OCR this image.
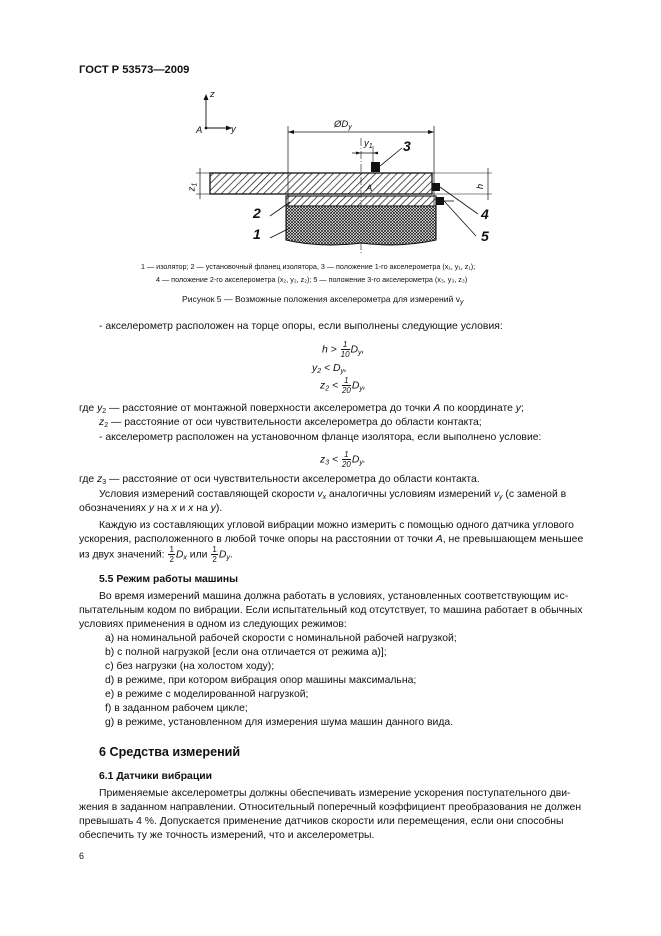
ГОСТ Р 53573—2009
z
y
A
$ØD_y$
$y_1$
$z_1$	h
A
1
2
3
4
5
1 — изолятор; 2 — установочный фланец изолятора, 3 — положение 1-го акселерометра (x₁, y₁, z₁);
4 — положение 2-го акселерометра (x₂, y₂, z₂); 5 — положение 3-го акселерометра (x₃, y₃, z₃)
Рисунок 5 — Возможные положения акселерометра для измерений $v_y$
- акселерометр расположен на торце опоры, если выполнены следующие условия:
$h > \frac{1}{10} D_y$,
$y_2 < D_y$,
$z_2 < \frac{1}{20} D_y$,
где $y_2$ — расстояние от монтажной поверхности акселерометра до точки A по координате y;
$z_2$ — расстояние от оси чувствительности акселерометра до области контакта;
- акселерометр расположен на установочном фланце изолятора, если выполнено условие:
$z_3 < \frac{1}{20} D_y$.
где $z_3$ — расстояние от оси чувствительности акселерометра до области контакта.
Условия измерений составляющей скорости $v_x$ аналогичны условиям измерений $v_y$ (с заменой в
обозначениях y на x и x на y).
Каждую из составляющих угловой вибрации можно измерить с помощью одного датчика углового
ускорения, расположенного в любой точке опоры на расстоянии от точки A, не превышающем меньшее
из двух значений: $\frac{1}{2} D_x$ или $\frac{1}{2} D_y$.
5.5 Режим работы машины
Во время измерений машина должна работать в условиях, установленных соответствующим ис-
пытательным кодом по вибрации. Если испытательный код отсутствует, то машина работает в обычных
условиях применения в одном из следующих режимов:
a) на номинальной рабочей скорости с номинальной рабочей нагрузкой;
b) с полной нагрузкой [если она отличается от режима а)];
c) без нагрузки (на холостом ходу);
d) в режиме, при котором вибрация опор машины максимальна;
e) в режиме с моделированной нагрузкой;
f) в заданном рабочем цикле;
g) в режиме, установленном для измерения шума машин данного вида.
6 Средства измерений
6.1 Датчики вибрации
Применяемые акселерометры должны обеспечивать измерение ускорения поступательного дви-
жения в заданном направлении. Относительный поперечный коэффициент преобразования не должен
превышать 4 %. Допускается применение датчиков скорости или перемещения, если они способны
обеспечить ту же точность измерений, что и акселерометры.
6
